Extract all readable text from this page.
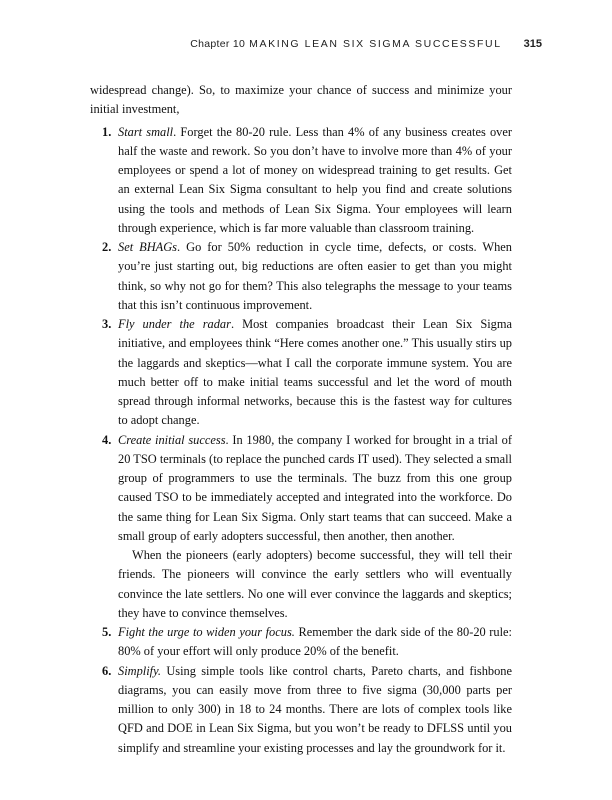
Chapter 10 MAKING LEAN SIX SIGMA SUCCESSFUL 315

widespread change). So, to maximize your chance of success and minimize your initial investment,

1. Start small. Forget the 80-20 rule. Less than 4% of any business creates over half the waste and rework. So you don’t have to involve more than 4% of your employees or spend a lot of money on widespread training to get results. Get an external Lean Six Sigma consultant to help you find and create solutions using the tools and methods of Lean Six Sigma. Your employees will learn through experience, which is far more valuable than classroom training.

2. Set BHAGs. Go for 50% reduction in cycle time, defects, or costs. When you’re just starting out, big reductions are often easier to get than you might think, so why not go for them? This also telegraphs the message to your teams that this isn’t continuous improvement.

3. Fly under the radar. Most companies broadcast their Lean Six Sigma initiative, and employees think “Here comes another one.” This usually stirs up the laggards and skeptics—what I call the corporate immune system. You are much better off to make initial teams successful and let the word of mouth spread through informal networks, because this is the fastest way for cultures to adopt change.

4. Create initial success. In 1980, the company I worked for brought in a trial of 20 TSO terminals (to replace the punched cards IT used). They selected a small group of programmers to use the terminals. The buzz from this one group caused TSO to be immediately accepted and integrated into the workforce. Do the same thing for Lean Six Sigma. Only start teams that can succeed. Make a small group of early adopters successful, then another, then another.

When the pioneers (early adopters) become successful, they will tell their friends. The pioneers will convince the early settlers who will eventually convince the late settlers. No one will ever convince the laggards and skeptics; they have to convince themselves.

5. Fight the urge to widen your focus. Remember the dark side of the 80-20 rule: 80% of your effort will only produce 20% of the benefit.

6. Simplify. Using simple tools like control charts, Pareto charts, and fishbone diagrams, you can easily move from three to five sigma (30,000 parts per million to only 300) in 18 to 24 months. There are lots of complex tools like QFD and DOE in Lean Six Sigma, but you won’t be ready to DFLSS until you simplify and streamline your existing processes and lay the groundwork for it.
